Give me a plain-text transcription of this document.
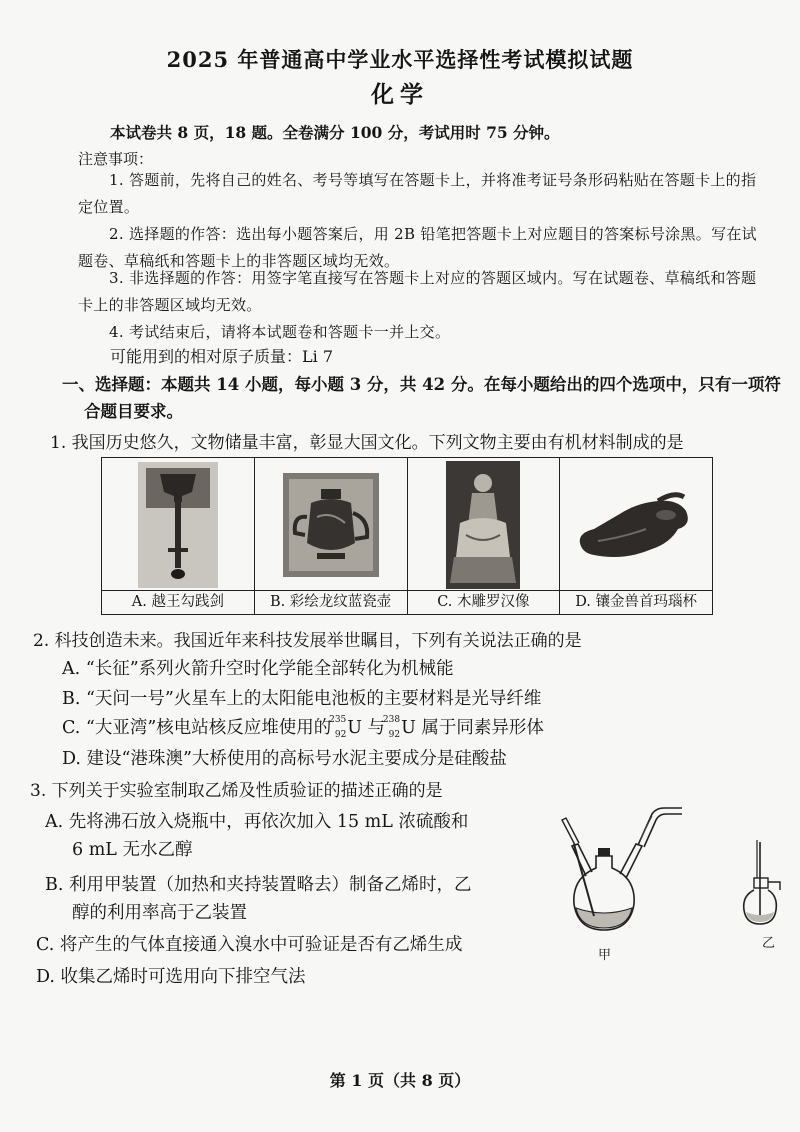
2025 年普通高中学业水平选择性考试模拟试题
化学
本试卷共 8 页，18 题。全卷满分 100 分，考试用时 75 分钟。
注意事项：
1. 答题前，先将自己的姓名、考号等填写在答题卡上，并将准考证号条形码粘贴在答题卡上的指定位置。
2. 选择题的作答：选出每小题答案后，用 2B 铅笔把答题卡上对应题目的答案标号涂黑。写在试题卷、草稿纸和答题卡上的非答题区域均无效。
3. 非选择题的作答：用签字笔直接写在答题卡上对应的答题区域内。写在试题卷、草稿纸和答题卡上的非答题区域均无效。
4. 考试结束后，请将本试题卷和答题卡一并上交。
可能用到的相对原子质量：Li 7
一、选择题：本题共 14 小题，每小题 3 分，共 42 分。在每小题给出的四个选项中，只有一项符合题目要求。
1. 我国历史悠久，文物储量丰富，彰显大国文化。下列文物主要由有机材料制成的是
A. 越王勾践剑	B. 彩绘龙纹蓝瓷壶	C. 木雕罗汉像	D. 镶金兽首玛瑙杯
2. 科技创造未来。我国近年来科技发展举世瞩目，下列有关说法正确的是
A. “长征”系列火箭升空时化学能全部转化为机械能
B. “天问一号”火星车上的太阳能电池板的主要材料是光导纤维
C. “大亚湾”核电站核反应堆使用的
235
92 U 与
238
92 U 属于同素异形体
D. 建设“港珠澳”大桥使用的高标号水泥主要成分是硅酸盐
3. 下列关于实验室制取乙烯及性质验证的描述正确的是
A. 先将沸石放入烧瓶中，再依次加入 15 mL 浓硫酸和
6 mL 无水乙醇
B. 利用甲装置（加热和夹持装置略去）制备乙烯时，乙
醇的利用率高于乙装置
C. 将产生的气体直接通入溴水中可验证是否有乙烯生成
D. 收集乙烯时可选用向下排空气法
甲
乙
第 1 页（共 8 页）
